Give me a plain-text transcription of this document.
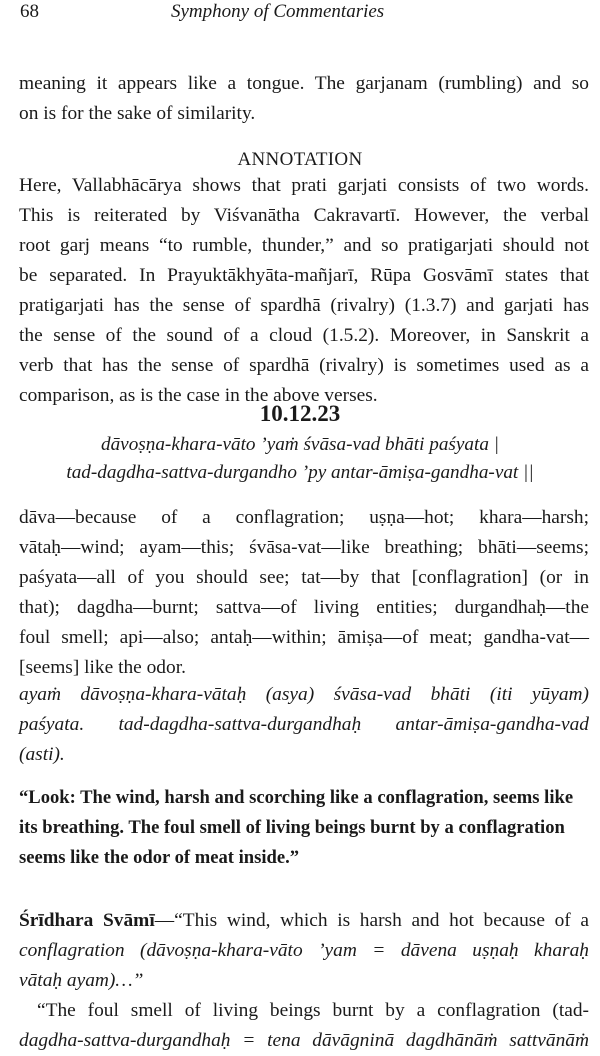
68	Symphony of Commentaries
meaning it appears like a tongue. The garjanam (rumbling) and so
on is for the sake of similarity.
ANNOTATION
Here, Vallabhācārya shows that prati garjati consists of two words.
This is reiterated by Viśvanātha Cakravartī. However, the verbal
root garj means “to rumble, thunder,” and so pratigarjati should not
be separated. In Prayuktākhyāta-mañjarī, Rūpa Gosvāmī states that
pratigarjati has the sense of spardhā (rivalry) (1.3.7) and garjati has
the sense of the sound of a cloud (1.5.2). Moreover, in Sanskrit a
verb that has the sense of spardhā (rivalry) is sometimes used as a
comparison, as is the case in the above verses.
10.12.23
dāvoṣṇa-khara-vāto ’yaṁ śvāsa-vad bhāti paśyata |
tad-dagdha-sattva-durgandho ’py antar-āmiṣa-gandha-vat ||
dāva—because of a conflagration; uṣṇa—hot; khara—harsh;
vātaḥ—wind; ayam—this; śvāsa-vat—like breathing; bhāti—seems;
paśyata—all of you should see; tat—by that [conflagration] (or in
that); dagdha—burnt; sattva—of living entities; durgandhaḥ—the
foul smell; api—also; antaḥ—within; āmiṣa—of meat; gandha-vat—
[seems] like the odor.
ayaṁ dāvoṣṇa-khara-vātaḥ (asya) śvāsa-vad bhāti (iti yūyam)
paśyata. tad-dagdha-sattva-durgandhaḥ antar-āmiṣa-gandha-vad
(asti).
“Look: The wind, harsh and scorching like a conflagration, seems like
its breathing. The foul smell of living beings burnt by a conflagration
seems like the odor of meat inside.”
Śrīdhara Svāmī—“This wind, which is harsh and hot because of a
conflagration (dāvoṣṇa-khara-vāto ’yam = dāvena uṣṇaḥ kharaḥ
vātaḥ ayam)…”
“The foul smell of living beings burnt by a conflagration (tad-
dagdha-sattva-durgandhaḥ = tena dāvāgninā dagdhānāṁ sattvānāṁ
